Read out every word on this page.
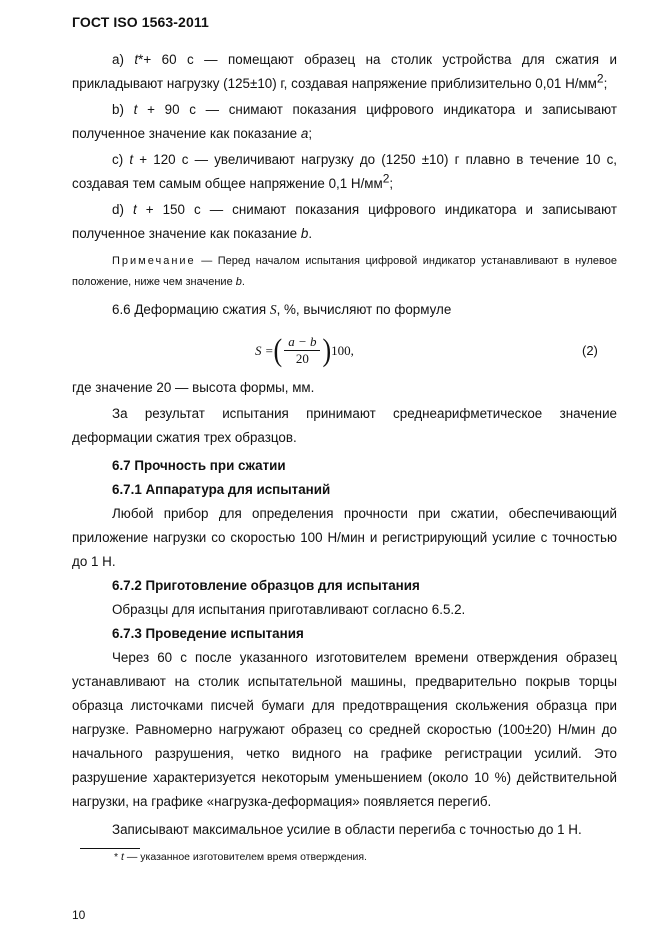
ГОСТ ISO 1563-2011

а) t*+ 60 с — помещают образец на столик устройства для сжатия и прикладывают нагрузку (125±10) г, создавая напряжение приблизительно 0,01 Н/мм2;

b) t + 90 с — снимают показания цифрового индикатора и записывают полученное значение как показание a;

с) t + 120 с — увеличивают нагрузку до (1250 ±10) г плавно в течение 10 с, создавая тем самым общее напряжение 0,1 Н/мм2;

d) t + 150 с — снимают показания цифрового индикатора и записывают полученное значение как показание b.

Примечание — Перед началом испытания цифровой индикатор устанавливают в нулевое положение, ниже чем значение b.

6.6 Деформацию сжатия S, %, вычисляют по формуле

S = ( $\frac{a - b}{20}$ ) 100,	(2)

где значение 20 — высота формы, мм.

За результат испытания принимают среднеарифметическое значение деформации сжатия трех образцов.

6.7 Прочность при сжатии

6.7.1 Аппаратура для испытаний

Любой прибор для определения прочности при сжатии, обеспечивающий приложение нагрузки со скоростью 100 Н/мин и регистрирующий усилие с точностью до 1 Н.

6.7.2 Приготовление образцов для испытания

Образцы для испытания приготавливают согласно 6.5.2.

6.7.3 Проведение испытания

Через 60 с после указанного изготовителем времени отверждения образец устанавливают на столик испытательной машины, предварительно покрыв торцы образца листочками писчей бумаги для предотвращения скольжения образца при нагрузке. Равномерно нагружают образец со средней скоростью (100±20) Н/мин до начального разрушения, четко видного на графике регистрации усилий. Это разрушение характеризуется некоторым уменьшением (около 10 %) действительной нагрузки, на графике «нагрузка-деформация» появляется перегиб.

Записывают максимальное усилие в области перегиба с точностью до 1 Н.

* t — указанное изготовителем время отверждения.
10
